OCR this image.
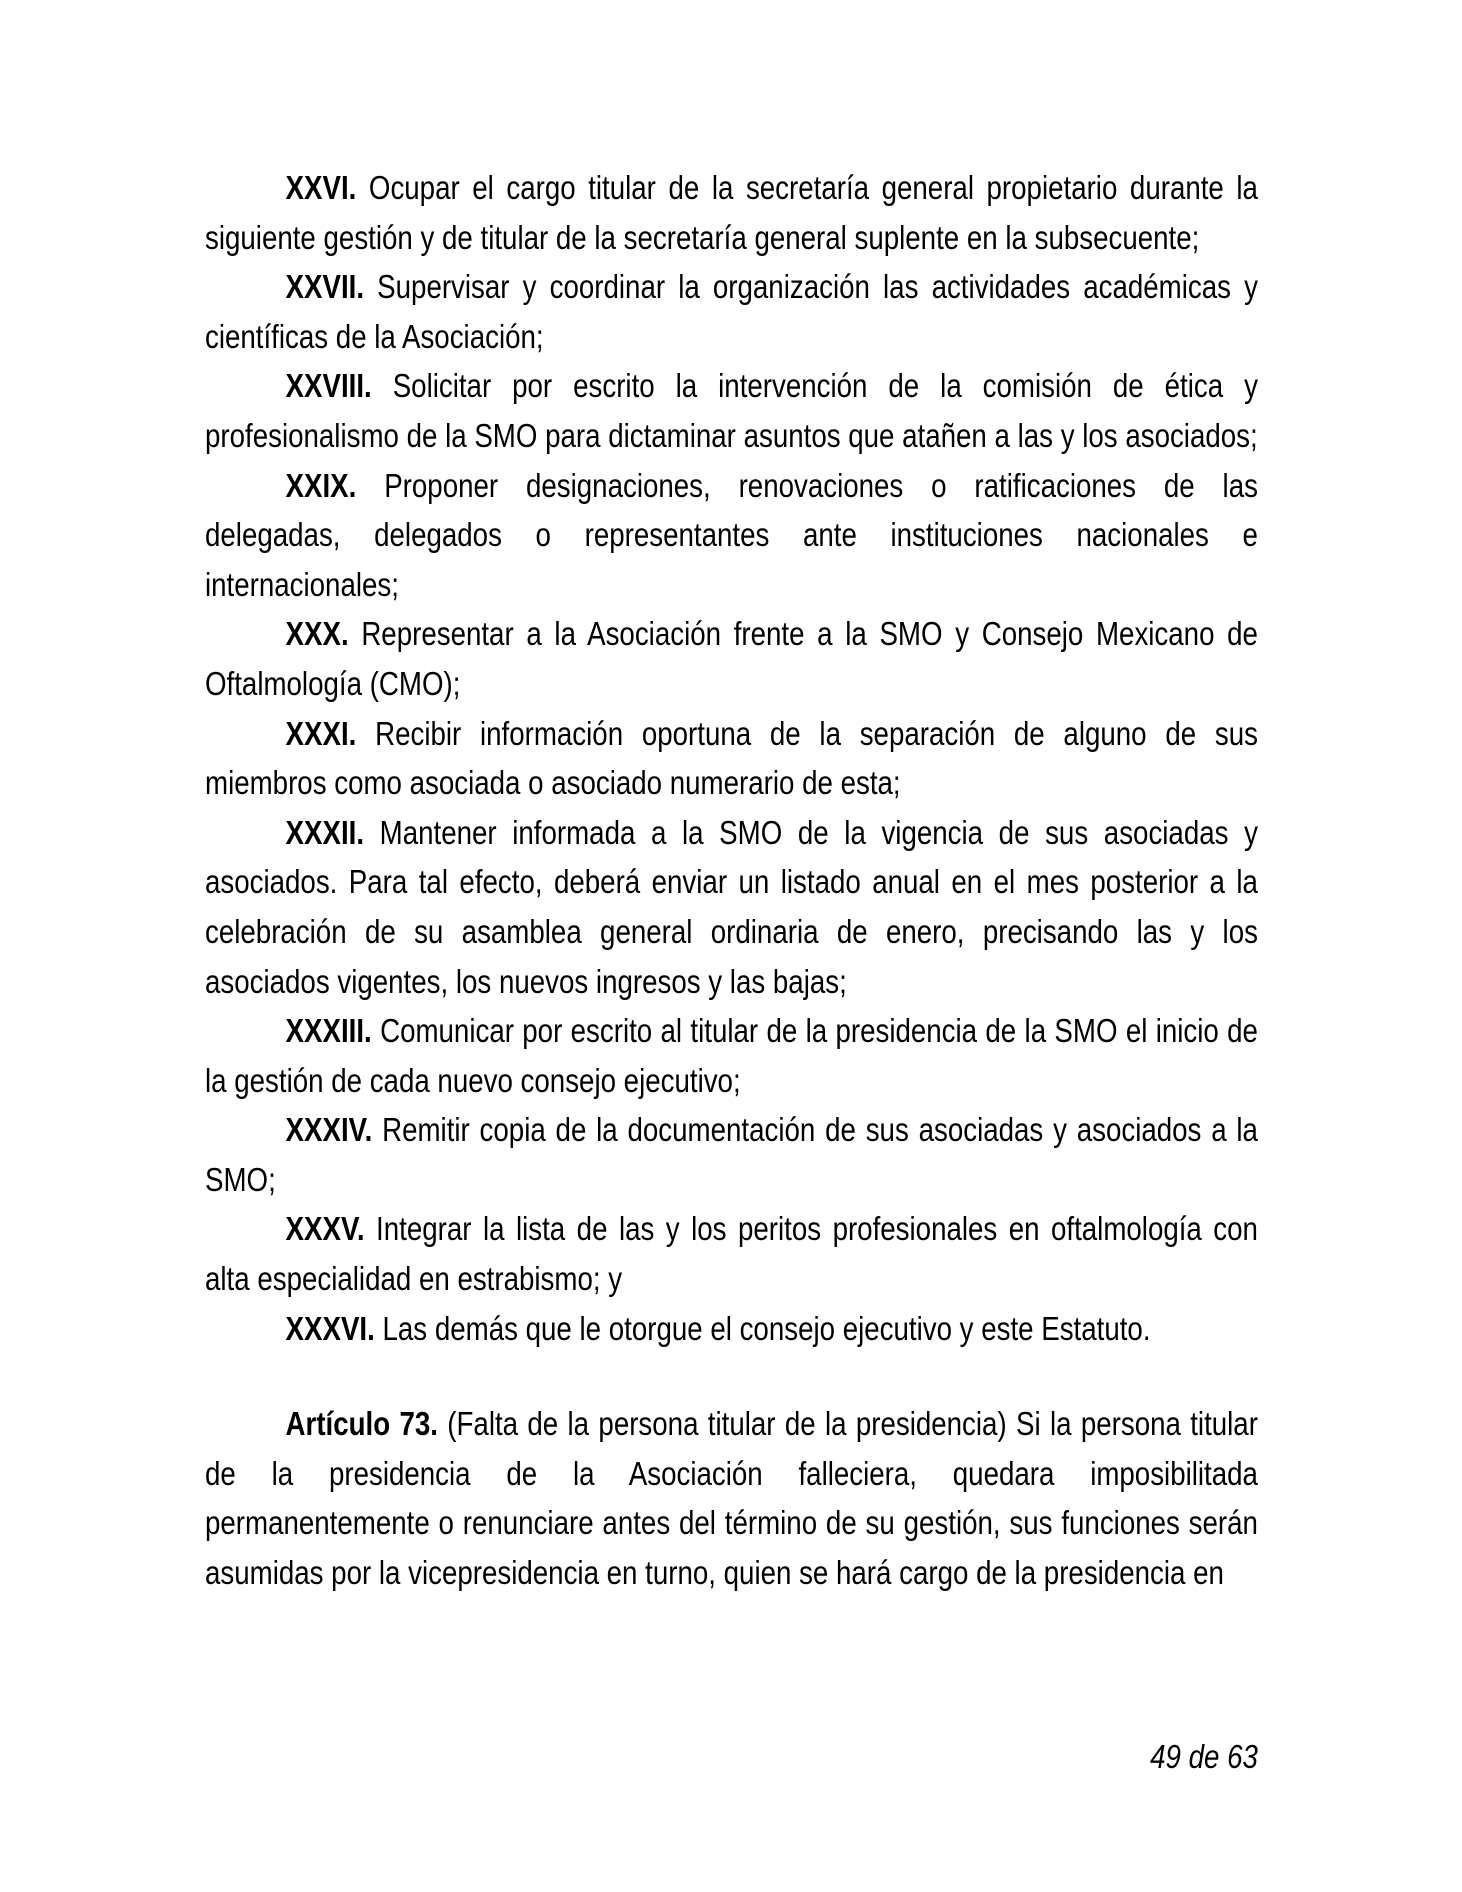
XXVI. Ocupar el cargo titular de la secretaría general propietario durante la siguiente gestión y de titular de la secretaría general suplente en la subsecuente;

XXVII. Supervisar y coordinar la organización las actividades académicas y científicas de la Asociación;

XXVIII. Solicitar por escrito la intervención de la comisión de ética y profesionalismo de la SMO para dictaminar asuntos que atañen a las y los asociados;

XXIX. Proponer designaciones, renovaciones o ratificaciones de las delegadas, delegados o representantes ante instituciones nacionales e internacionales;

XXX. Representar a la Asociación frente a la SMO y Consejo Mexicano de Oftalmología (CMO);

XXXI. Recibir información oportuna de la separación de alguno de sus miembros como asociada o asociado numerario de esta;

XXXII. Mantener informada a la SMO de la vigencia de sus asociadas y asociados. Para tal efecto, deberá enviar un listado anual en el mes posterior a la celebración de su asamblea general ordinaria de enero, precisando las y los asociados vigentes, los nuevos ingresos y las bajas;

XXXIII. Comunicar por escrito al titular de la presidencia de la SMO el inicio de la gestión de cada nuevo consejo ejecutivo;

XXXIV. Remitir copia de la documentación de sus asociadas y asociados a la SMO;

XXXV. Integrar la lista de las y los peritos profesionales en oftalmología con alta especialidad en estrabismo; y

XXXVI. Las demás que le otorgue el consejo ejecutivo y este Estatuto.

Artículo 73. (Falta de la persona titular de la presidencia) Si la persona titular de la presidencia de la Asociación falleciera, quedara imposibilitada permanentemente o renunciare antes del término de su gestión, sus funciones serán asumidas por la vicepresidencia en turno, quien se hará cargo de la presidencia en

49 de 63
